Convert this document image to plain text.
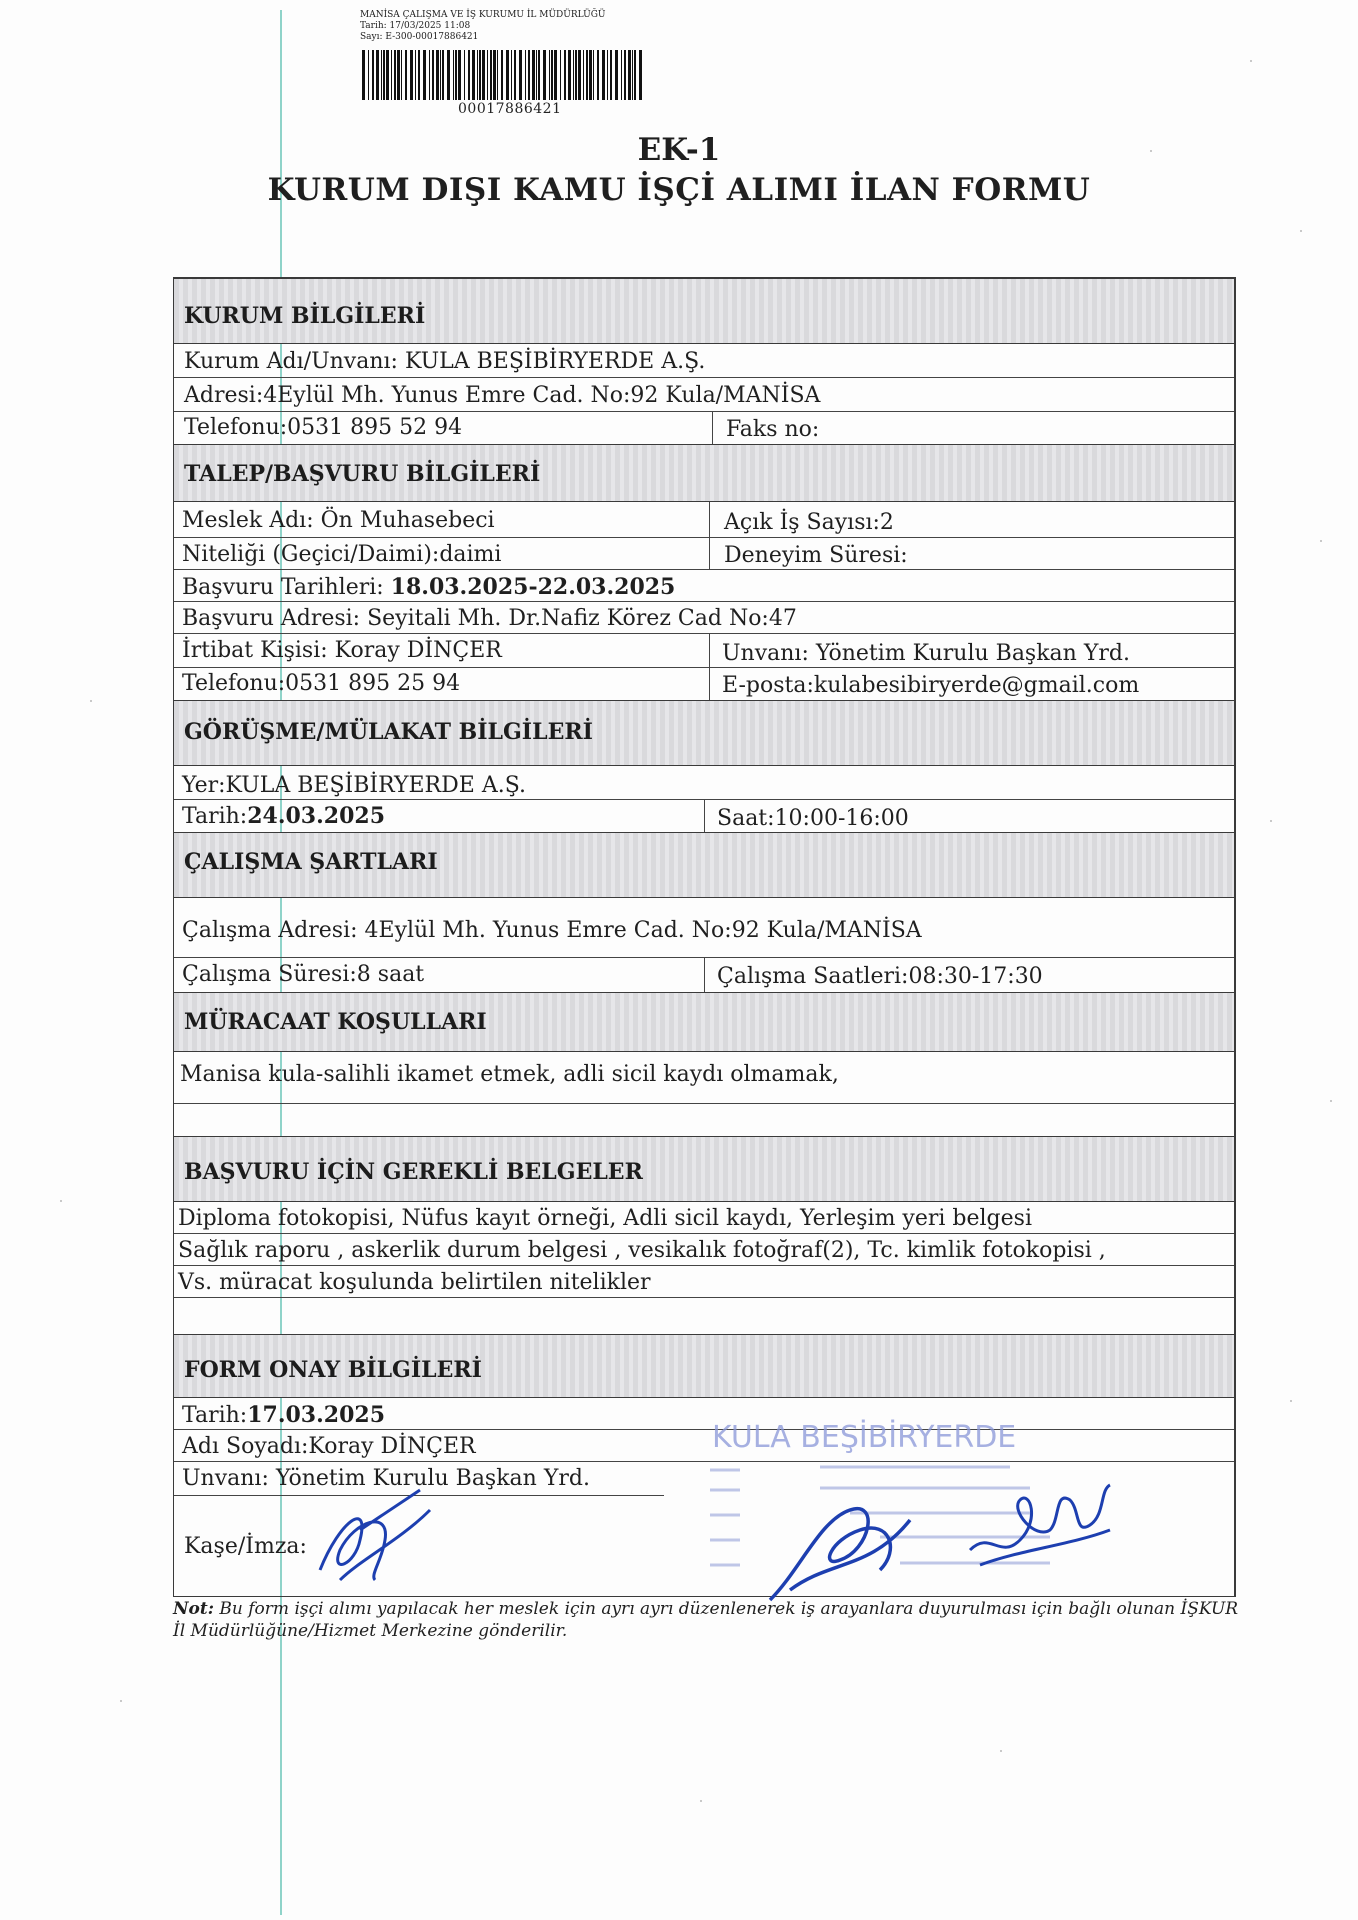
MANİSA ÇALIŞMA VE İŞ KURUMU İL MÜDÜRLÜĞÜ
Tarih: 17/03/2025 11:08
Sayı: E-300-00017886421
00017886421
EK-1
KURUM DIŞI KAMU İŞÇİ ALIMI İLAN FORMU
KURUM BİLGİLERİ
Kurum Adı/Unvanı: KULA BEŞİBİRYERDE A.Ş.
Adresi:4Eylül Mh. Yunus Emre Cad. No:92 Kula/MANİSA
Telefonu:0531 895 52 94	Faks no:
TALEP/BAŞVURU BİLGİLERİ
Meslek Adı: Ön Muhasebeci	Açık İş Sayısı:2
Niteliği (Geçici/Daimi):daimi	Deneyim Süresi:
Başvuru Tarihleri: 18.03.2025-22.03.2025
Başvuru Adresi: Seyitali Mh. Dr.Nafiz Körez Cad No:47
İrtibat Kişisi: Koray DİNÇER	Unvanı: Yönetim Kurulu Başkan Yrd.
Telefonu:0531 895 25 94	E-posta:kulabesibiryerde@gmail.com
GÖRÜŞME/MÜLAKAT BİLGİLERİ
Yer:KULA BEŞİBİRYERDE A.Ş.
Tarih:24.03.2025	Saat:10:00-16:00
ÇALIŞMA ŞARTLARI
Çalışma Adresi: 4Eylül Mh. Yunus Emre Cad. No:92 Kula/MANİSA
Çalışma Süresi:8 saat	Çalışma Saatleri:08:30-17:30
MÜRACAAT KOŞULLARI
Manisa kula-salihli ikamet etmek, adli sicil kaydı olmamak,
BAŞVURU İÇİN GEREKLİ BELGELER
Diploma fotokopisi, Nüfus kayıt örneği, Adli sicil kaydı, Yerleşim yeri belgesi
Sağlık raporu , askerlik durum belgesi , vesikalık fotoğraf(2), Tc. kimlik fotokopisi ,
Vs. müracat koşulunda belirtilen nitelikler
FORM ONAY BİLGİLERİ
Tarih:17.03.2025
Adı Soyadı:Koray DİNÇER
Unvanı: Yönetim Kurulu Başkan Yrd.
Kaşe/İmza:
KULA BEŞİBİRYERDE
Not: Bu form işçi alımı yapılacak her meslek için ayrı ayrı düzenlenerek iş arayanlara duyurulması için bağlı olunan İŞKUR İl Müdürlüğüne/Hizmet Merkezine gönderilir.
